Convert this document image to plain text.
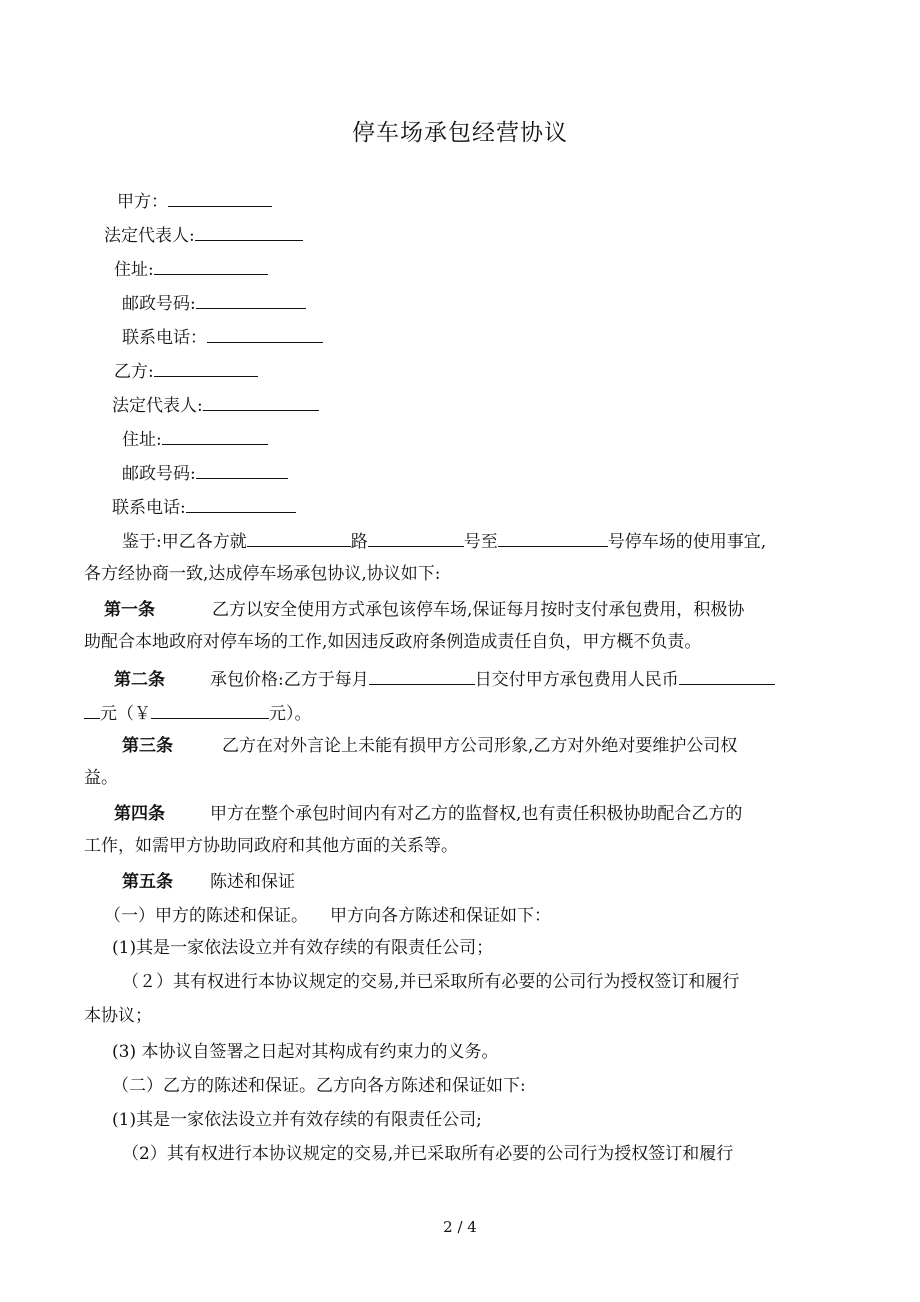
停车场承包经营协议
甲方：
法定代表人:
住址:
邮政号码:
联系电话：
乙方:
法定代表人:
住址:
邮政号码:
联系电话:
鉴于:甲乙各方就	路	号至	号停车场的使用事宜,
各方经协商一致,达成停车场承包协议,协议如下:
第一条	乙方以安全使用方式承包该停车场,保证每月按时支付承包费用，积极协
助配合本地政府对停车场的工作,如因违反政府条例造成责任自负，甲方概不负责。
第二条	承包价格:乙方于每月	日交付甲方承包费用人民币
元（￥	元）。
第三条	乙方在对外言论上未能有损甲方公司形象,乙方对外绝对要维护公司权
益。
第四条	甲方在整个承包时间内有对乙方的监督权,也有责任积极协助配合乙方的
工作，如需甲方协助同政府和其他方面的关系等。
第五条 陈述和保证
（一）甲方的陈述和保证。 甲方向各方陈述和保证如下：
(1)其是一家依法设立并有效存续的有限责任公司；
（２）其有权进行本协议规定的交易,并已采取所有必要的公司行为授权签订和履行
本协议；
(3) 本协议自签署之日起对其构成有约束力的义务。
（二）乙方的陈述和保证。乙方向各方陈述和保证如下:
(1)其是一家依法设立并有效存续的有限责任公司;
（2）其有权进行本协议规定的交易,并已采取所有必要的公司行为授权签订和履行
2 / 4
